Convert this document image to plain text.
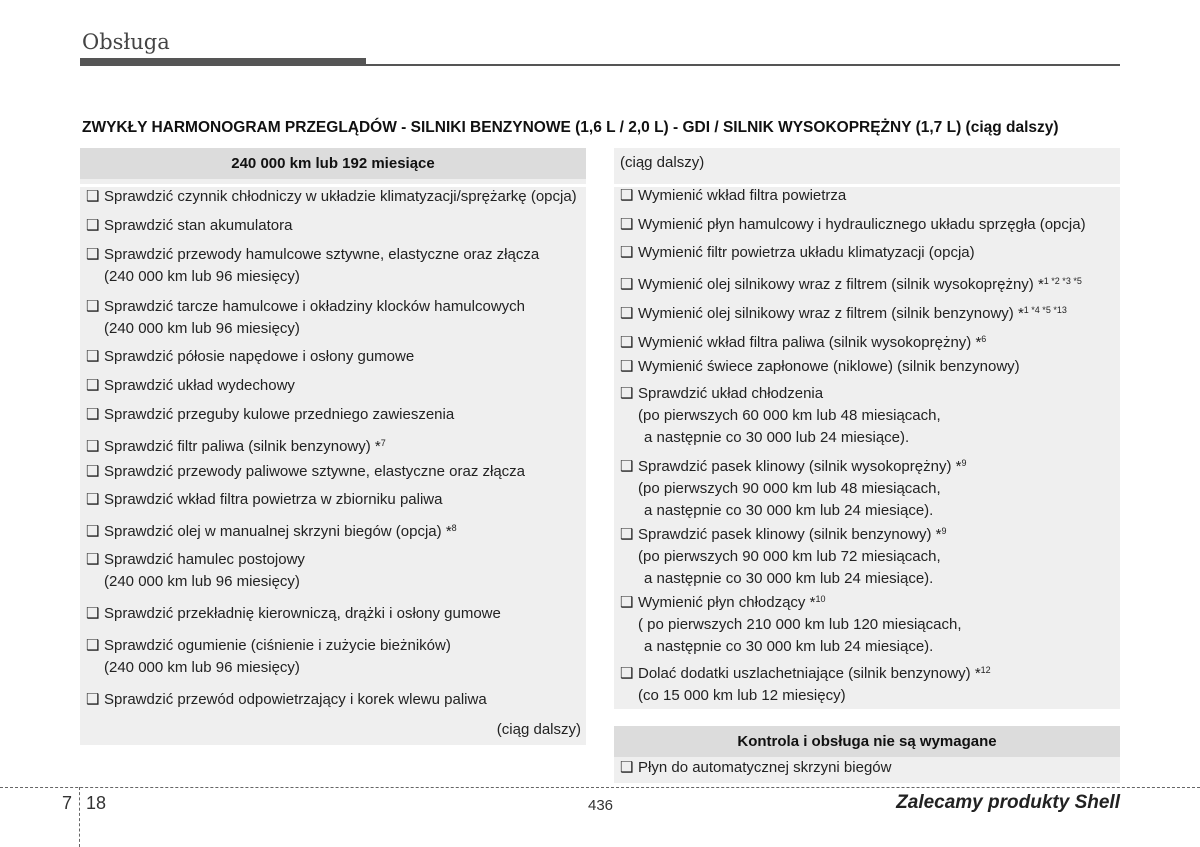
Obsługa
ZWYKŁY HARMONOGRAM PRZEGLĄDÓW - SILNIKI BENZYNOWE (1,6 L / 2,0 L) - GDI / SILNIK WYSOKOPRĘŻNY (1,7 L) (ciąg dalszy)
240 000 km lub 192 miesiące
❑ Sprawdzić czynnik chłodniczy w układzie klimatyzacji/sprężarkę (opcja)
❑ Sprawdzić stan akumulatora
❑ Sprawdzić przewody hamulcowe sztywne, elastyczne oraz złącza
(240 000 km lub 96 miesięcy)
❑ Sprawdzić tarcze hamulcowe i okładziny klocków hamulcowych
(240 000 km lub 96 miesięcy)
❑ Sprawdzić półosie napędowe i osłony gumowe
❑ Sprawdzić układ wydechowy
❑ Sprawdzić przeguby kulowe przedniego zawieszenia
❑ Sprawdzić filtr paliwa (silnik benzynowy) *$^7$
❑ Sprawdzić przewody paliwowe sztywne, elastyczne oraz złącza
❑ Sprawdzić wkład filtra powietrza w zbiorniku paliwa
❑ Sprawdzić olej w manualnej skrzyni biegów (opcja) *$^8$
❑ Sprawdzić hamulec postojowy
(240 000 km lub 96 miesięcy)
❑ Sprawdzić przekładnię kierowniczą, drążki i osłony gumowe
❑ Sprawdzić ogumienie (ciśnienie i zużycie bieżników)
(240 000 km lub 96 miesięcy)
❑ Sprawdzić przewód odpowietrzający i korek wlewu paliwa
(ciąg dalszy)
(ciąg dalszy)
❑ Wymienić wkład filtra powietrza
❑ Wymienić płyn hamulcowy i hydraulicznego układu sprzęgła (opcja)
❑ Wymienić filtr powietrza układu klimatyzacji (opcja)
❑ Wymienić olej silnikowy wraz z filtrem (silnik wysokoprężny) *$^{1 *2 *3 *5}$
❑ Wymienić olej silnikowy wraz z filtrem (silnik benzynowy) *$^{1 *4 *5 *13}$
❑ Wymienić wkład filtra paliwa (silnik wysokoprężny) *$^6$
❑ Wymienić świece zapłonowe (niklowe) (silnik benzynowy)
❑ Sprawdzić układ chłodzenia
(po pierwszych 60 000 km lub 48 miesiącach,
a następnie co 30 000 lub 24 miesiące).
❑ Sprawdzić pasek klinowy (silnik wysokoprężny) *$^9$
(po pierwszych 90 000 km lub 48 miesiącach,
a następnie co 30 000 km lub 24 miesiące).
❑ Sprawdzić pasek klinowy (silnik benzynowy) *$^9$
(po pierwszych 90 000 km lub 72 miesiącach,
a następnie co 30 000 km lub 24 miesiące).
❑ Wymienić płyn chłodzący *$^{10}$
( po pierwszych 210 000 km lub 120 miesiącach,
a następnie co 30 000 km lub 24 miesiące).
❑ Dolać dodatki uszlachetniające (silnik benzynowy) *$^{12}$
(co 15 000 km lub 12 miesięcy)
Kontrola i obsługa nie są wymagane
❑ Płyn do automatycznej skrzyni biegów
7 18	436	Zalecamy produkty Shell
